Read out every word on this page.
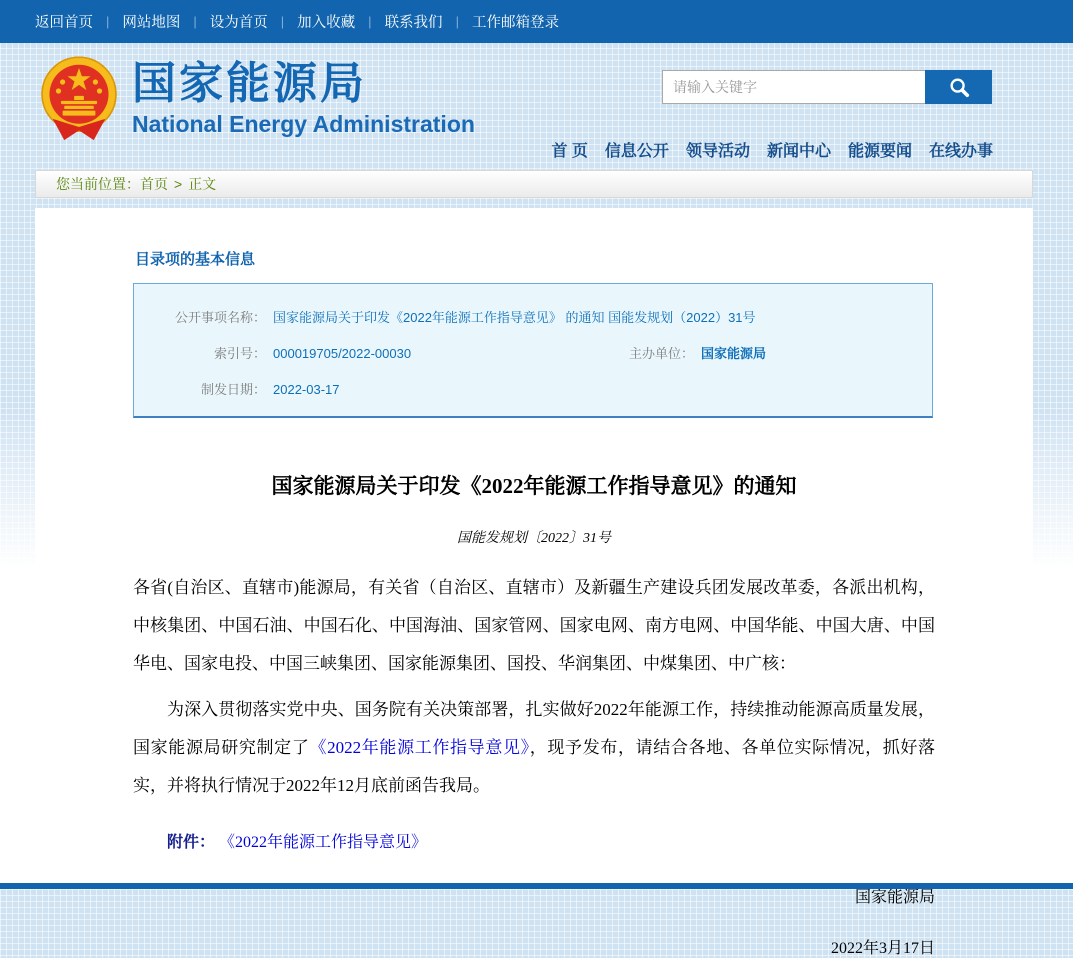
返回首页 | 网站地图 | 设为首页 | 加入收藏 | 联系我们 | 工作邮箱登录
国家能源局
National Energy Administration
请输入关键字
首 页 信息公开 领导活动 新闻中心 能源要闻 在线办事
您当前位置： 首页 > 正文
目录项的基本信息
公开事项名称： 国家能源局关于印发《2022年能源工作指导意见》 的通知 国能发规划（2022）31号
索引号： 000019705/2022-00030	主办单位： 国家能源局
制发日期： 2022-03-17
国家能源局关于印发《2022年能源工作指导意见》的通知
国能发规划〔2022〕31号

各省(自治区、直辖市)能源局，有关省（自治区、直辖市）及新疆生产建设兵团发展改革委，各派出机构，中核集团、中国石油、中国石化、中国海油、国家管网、国家电网、南方电网、中国华能、中国大唐、中国华电、国家电投、中国三峡集团、国家能源集团、国投、华润集团、中煤集团、中广核：

为深入贯彻落实党中央、国务院有关决策部署，扎实做好2022年能源工作，持续推动能源高质量发展，国家能源局研究制定了《2022年能源工作指导意见》，现予发布，请结合各地、各单位实际情况，抓好落实，并将执行情况于2022年12月底前函告我局。

附件： 《2022年能源工作指导意见》
国家能源局
2022年3月17日
